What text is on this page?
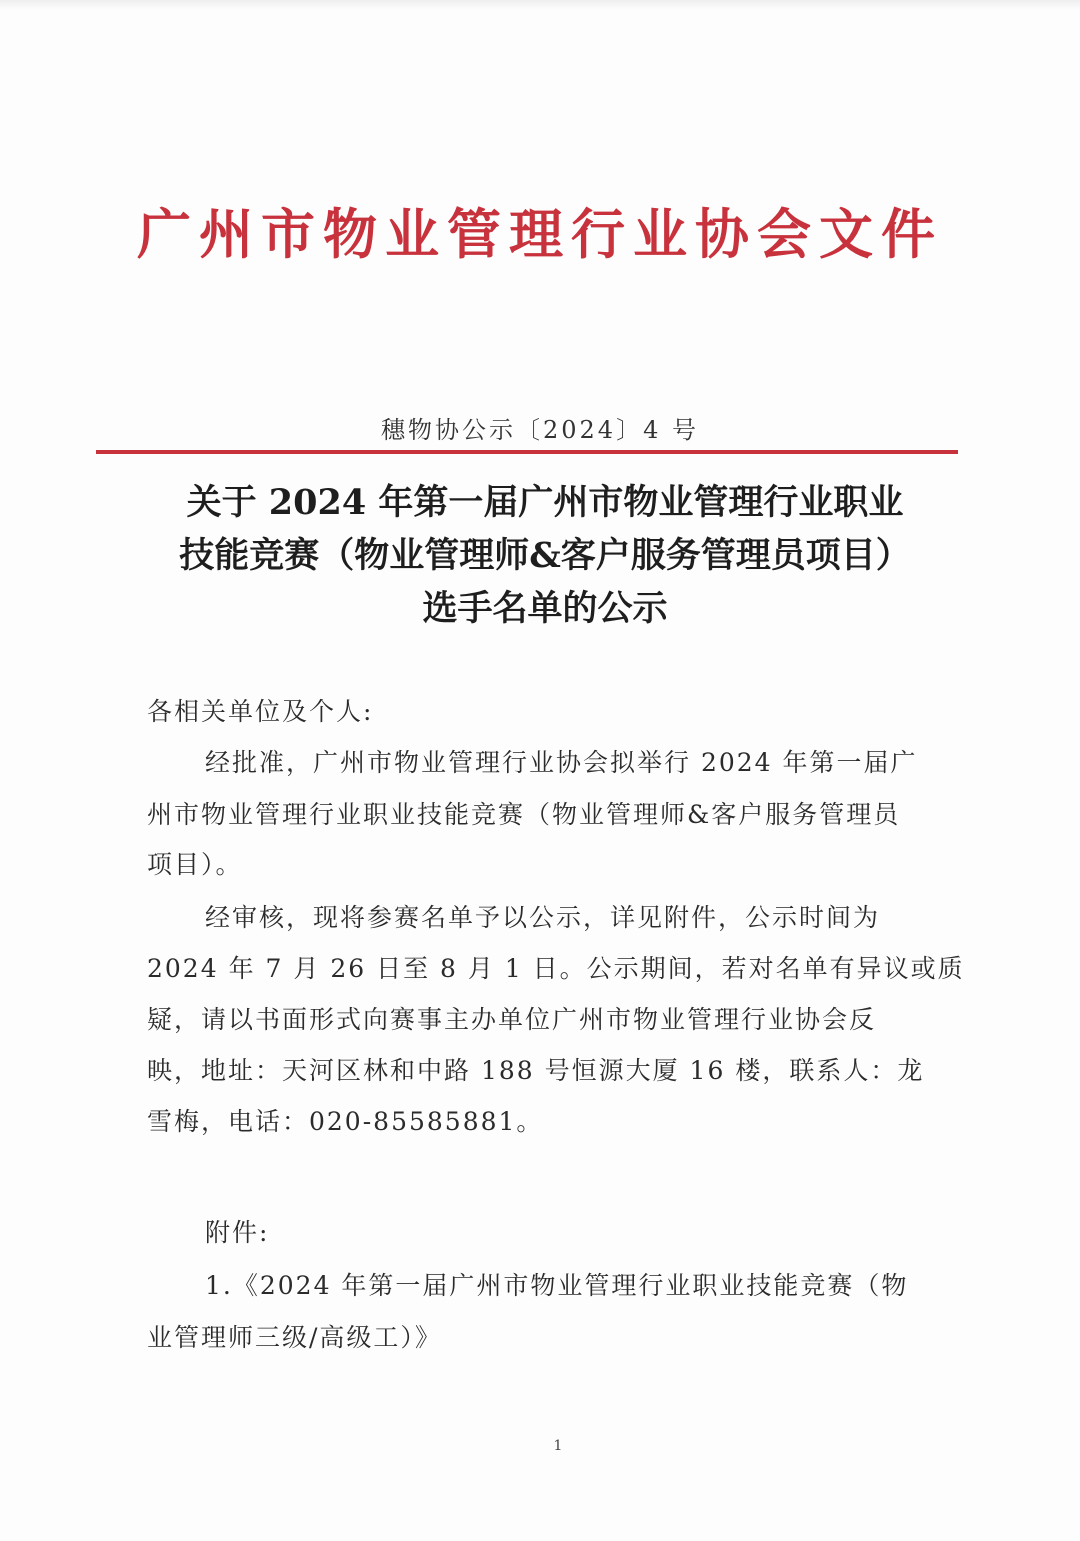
广州市物业管理行业协会文件
穗物协公示〔2024〕4 号
关于 2024 年第一届广州市物业管理行业职业
技能竞赛（物业管理师&客户服务管理员项目）
选手名单的公示
各相关单位及个人:
经批准，广州市物业管理行业协会拟举行 2024 年第一届广
州市物业管理行业职业技能竞赛（物业管理师&客户服务管理员
项目）。
经审核，现将参赛名单予以公示，详见附件，公示时间为
2024 年 7 月 26 日至 8 月 1 日。公示期间，若对名单有异议或质
疑，请以书面形式向赛事主办单位广州市物业管理行业协会反
映，地址：天河区林和中路 188 号恒源大厦 16 楼，联系人：龙
雪梅，电话：020-85585881。
附件:
1.《2024 年第一届广州市物业管理行业职业技能竞赛（物
业管理师三级/高级工）》
1
